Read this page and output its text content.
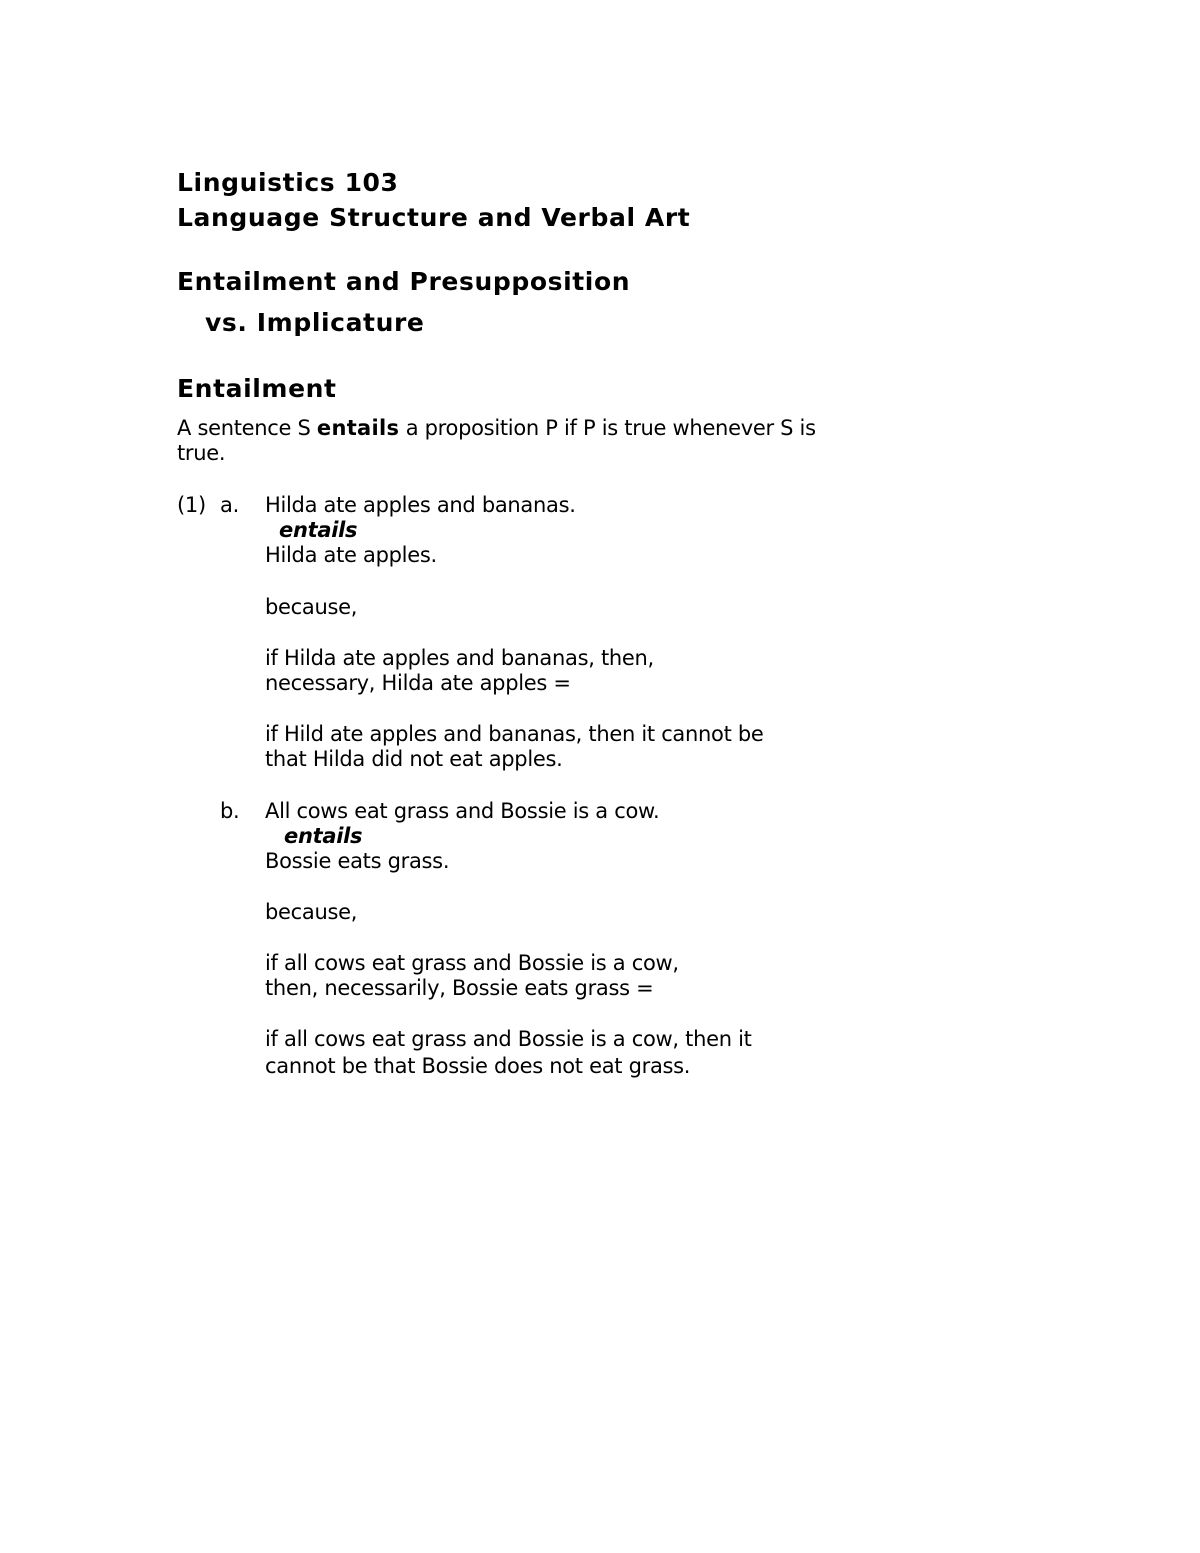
Linguistics 103
Language Structure and Verbal Art
Entailment and Presupposition
vs. Implicature
Entailment
A sentence S entails a proposition P if P is true whenever S is
true.
(1) a. Hilda ate apples and bananas.
entails
Hilda ate apples.
because,
if Hilda ate apples and bananas, then,
necessary, Hilda ate apples =
if Hild ate apples and bananas, then it cannot be
that Hilda did not eat apples.
b. All cows eat grass and Bossie is a cow.
entails
Bossie eats grass.
because,
if all cows eat grass and Bossie is a cow,
then, necessarily, Bossie eats grass =
if all cows eat grass and Bossie is a cow, then it
cannot be that Bossie does not eat grass.
